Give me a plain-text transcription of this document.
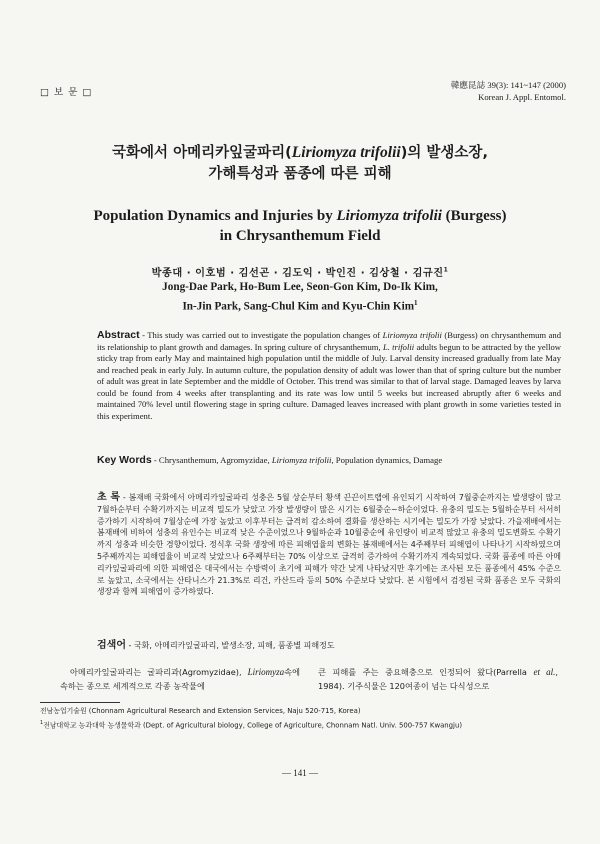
□ 보 문 □
韓應昆誌 39(3): 141~147 (2000)
Korean J. Appl. Entomol.
국화에서 아메리카잎굴파리(Liriomyza trifolii)의 발생소장,
가해특성과 품종에 따른 피해
Population Dynamics and Injuries by Liriomyza trifolii (Burgess)
in Chrysanthemum Field
박종대 · 이호범 · 김선곤 · 김도익 · 박인진 · 김상철 · 김규진$^1$
Jong-Dae Park, Ho-Bum Lee, Seon-Gon Kim, Do-Ik Kim,
In-Jin Park, Sang-Chul Kim and Kyu-Chin Kim$^1$
Abstract - This study was carried out to investigate the population changes of Liriomyza trifolii (Burgess) on chrysanthemum and its relationship to plant growth and damages. In spring culture of chrysanthemum, L. trifolii adults begun to be attracted by the yellow sticky trap from early May and maintained high population until the middle of July. Larval density increased gradually from late May and reached peak in early July. In autumn culture, the population density of adult was lower than that of spring culture but the number of adult was great in late September and the middle of October. This trend was similar to that of larval stage. Damaged leaves by larva could be found from 4 weeks after transplanting and its rate was low until 5 weeks but increased abruptly after 6 weeks and maintained 70% level until flowering stage in spring culture. Damaged leaves increased with plant growth in some varieties tested in this experiment.
Key Words - Chrysanthemum, Agromyzidae, Liriomyza trifolii, Population dynamics, Damage
초 록 - 봄재배 국화에서 아메리카잎굴파리 성충은 5월 상순부터 황색 끈끈이트랩에 유인되기 시작하여 7월중순까지는 발생량이 많고 7월하순부터 수확기까지는 비교적 밀도가 낮았고 가장 발생량이 많은 시기는 6월중순~하순이었다. 유충의 밀도는 5월하순부터 서서히 증가하기 시작하여 7월상순에 가장 높았고 이후부터는 급격히 감소하여 결화를 생산하는 시기에는 밀도가 가장 낮았다. 가을재배에서는 봄재배에 비하여 성충의 유인수는 비교적 낮은 수준이었으나 9월하순과 10월중순에 유인량이 비교적 많았고 유충의 밀도변화도 수확기까지 성충과 비슷한 경향이었다. 정식후 국화 생장에 따른 피해엽율의 변화는 봄재배에서는 4주째부터 피해엽이 나타나기 시작하였으며 5주째까지는 피해엽율이 비교적 낮았으나 6주째부터는 70% 이상으로 급격히 증가하여 수확기까지 계속되었다. 국화 품종에 따른 아메리카잎굴파리에 의한 피해엽은 대국에서는 수방력이 초기에 피해가 약간 낮게 나타났지만 후기에는 조사된 모든 품종에서 45% 수준으로 높았고, 소국에서는 산타니스가 21.3%로 리건, 카산드라 등의 50% 수준보다 낮았다. 본 시험에서 검정된 국화 품종은 모두 국화의 생장과 함께 피해엽이 증가하였다.
검색어 - 국화, 아메리카잎굴파리, 발생소장, 피해, 품종별 피해정도
아메리카잎굴파리는 굴파리과(Agromyzidae), Liriomyza속에 속하는 종으로 세계적으로 각종 농작물에
큰 피해를 주는 중요해충으로 인정되어 왔다(Parrella et al., 1984). 기주식물은 120여종이 넘는 다식성으로
전남농업기술원 (Chonnam Agricultural Research and Extension Services, Naju 520-715, Korea)
$^1$전남대학교 농과대학 농생물학과 (Dept. of Agricultural biology, College of Agriculture, Chonnam Natl. Univ. 500-757 Kwangju)
— 141 —
